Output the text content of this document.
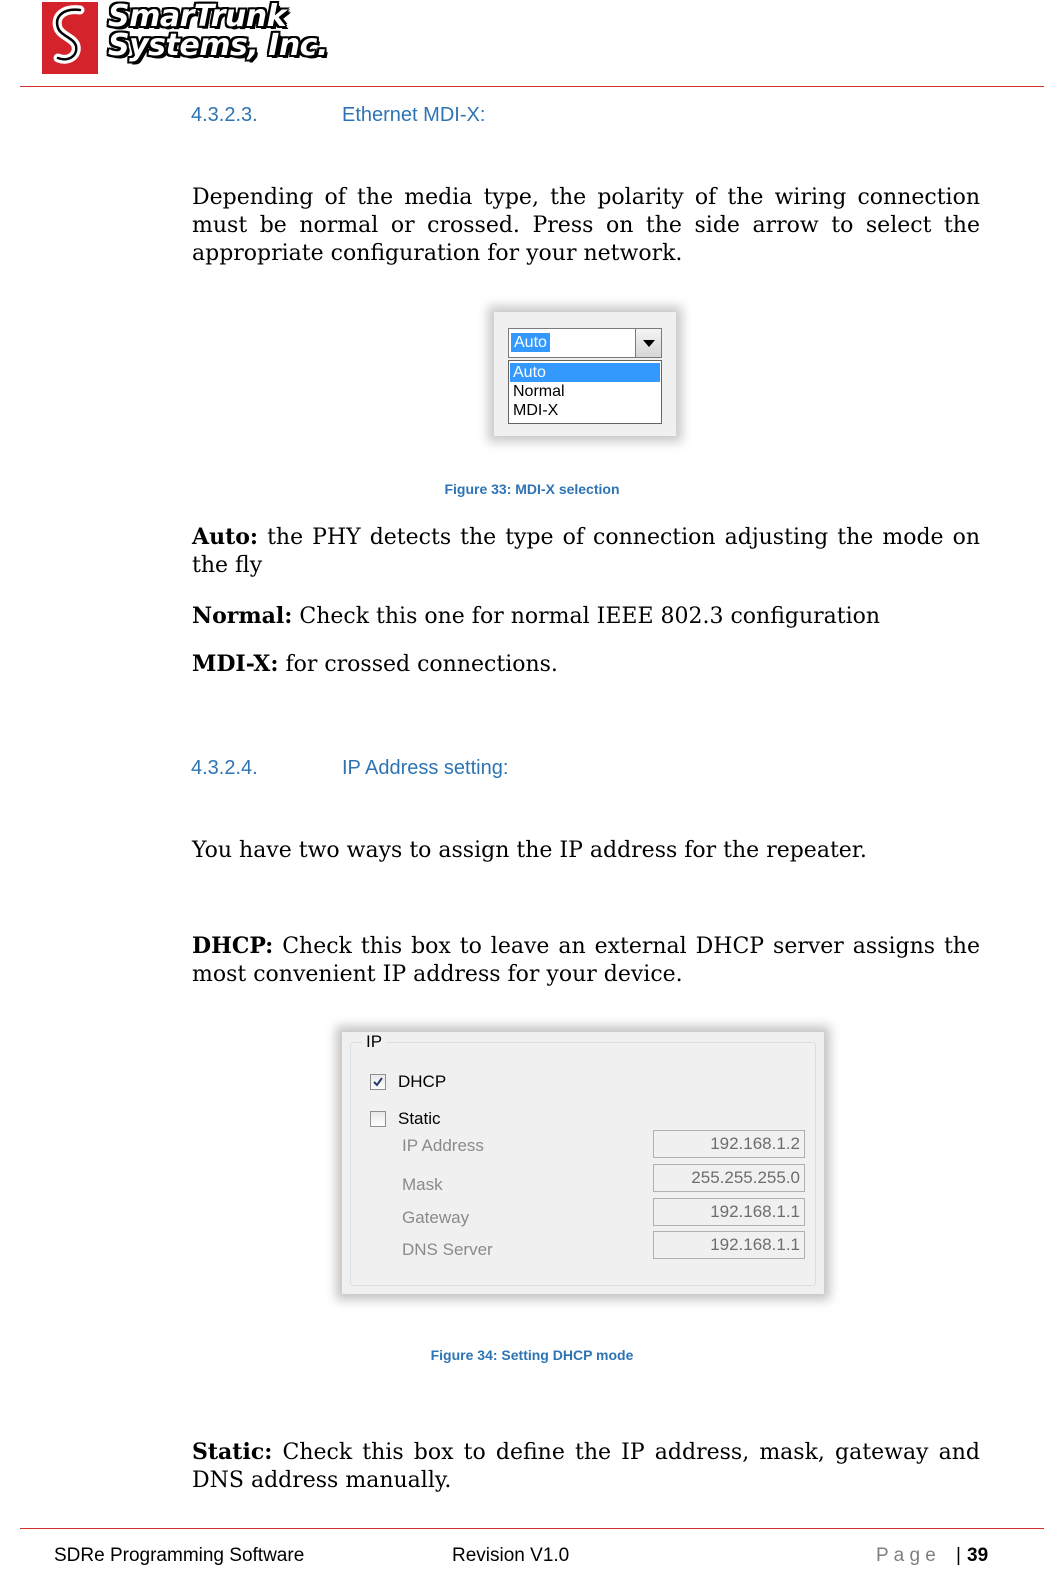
SmarTrunk
Systems, Inc.
4.3.2.3.	Ethernet MDI-X:
Depending of the media type, the polarity of the wiring connection must be normal or crossed. Press on the side arrow to select the appropriate configuration for your network.
Auto
Auto
Normal
MDI-X
Figure 33: MDI-X selection
Auto: the PHY detects the type of connection adjusting the mode on the fly
Normal: Check this one for normal IEEE 802.3 configuration
MDI-X: for crossed connections.
4.3.2.4.	IP Address setting:
You have two ways to assign the IP address for the repeater.
DHCP: Check this box to leave an external DHCP server assigns the most convenient IP address for your device.
IP
DHCP
Static
IP Address	192.168.1.2
Mask	255.255.255.0
Gateway	192.168.1.1
DNS Server	192.168.1.1
Figure 34: Setting DHCP mode
Static: Check this box to define the IP address, mask, gateway and DNS address manually.
SDRe Programming Software	Revision V1.0	P a g e | 39
